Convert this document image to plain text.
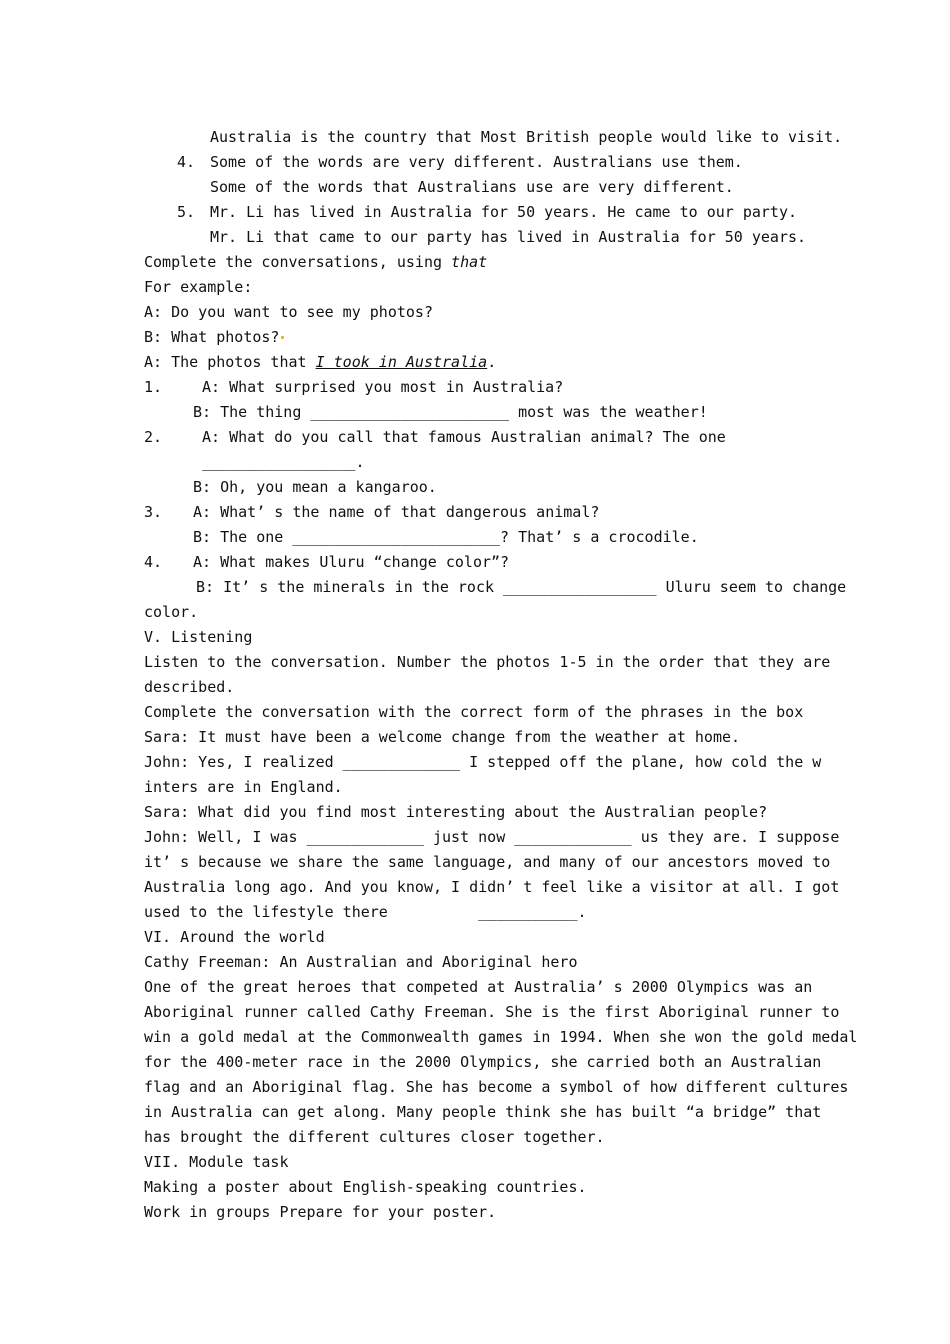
Australia is the country that Most British people would like to visit.
4. Some of the words are very different. Australians use them.
Some of the words that Australians use are very different.
5. Mr. Li has lived in Australia for 50 years. He came to our party.
Mr. Li that came to our party has lived in Australia for 50 years.
Complete the conversations, using that
For example:
A: Do you want to see my photos?
B: What photos?
A: The photos that I took in Australia.
1.	A: What surprised you most in Australia?
B: The thing ______________________ most was the weather!
2.	A: What do you call that famous Australian animal? The one
_________________.
B: Oh, you mean a kangaroo.
3. A: What’ s the name of that dangerous animal?
B: The one _______________________? That’ s a crocodile.
4. A: What makes Uluru “change color”?
B: It’ s the minerals in the rock _________________ Uluru seem to change
color.
V. Listening
Listen to the conversation. Number the photos 1-5 in the order that they are
described.
Complete the conversation with the correct form of the phrases in the box
Sara: It must have been a welcome change from the weather at home.
John: Yes, I realized _____________ I stepped off the plane, how cold the w
inters are in England.
Sara: What did you find most interesting about the Australian people?
John: Well, I was _____________ just now _____________ us they are. I suppose
it’ s because we share the same language, and many of our ancestors moved to
Australia long ago. And you know, I didn’ t feel like a visitor at all. I got
used to the lifestyle there          ___________.
VI. Around the world
Cathy Freeman: An Australian and Aboriginal hero
One of the great heroes that competed at Australia’ s 2000 Olympics was an
Aboriginal runner called Cathy Freeman. She is the first Aboriginal runner to
win a gold medal at the Commonwealth games in 1994. When she won the gold medal
for the 400-meter race in the 2000 Olympics, she carried both an Australian
flag and an Aboriginal flag. She has become a symbol of how different cultures
in Australia can get along. Many people think she has built “a bridge” that
has brought the different cultures closer together.
VII. Module task
Making a poster about English-speaking countries.
Work in groups Prepare for your poster.
